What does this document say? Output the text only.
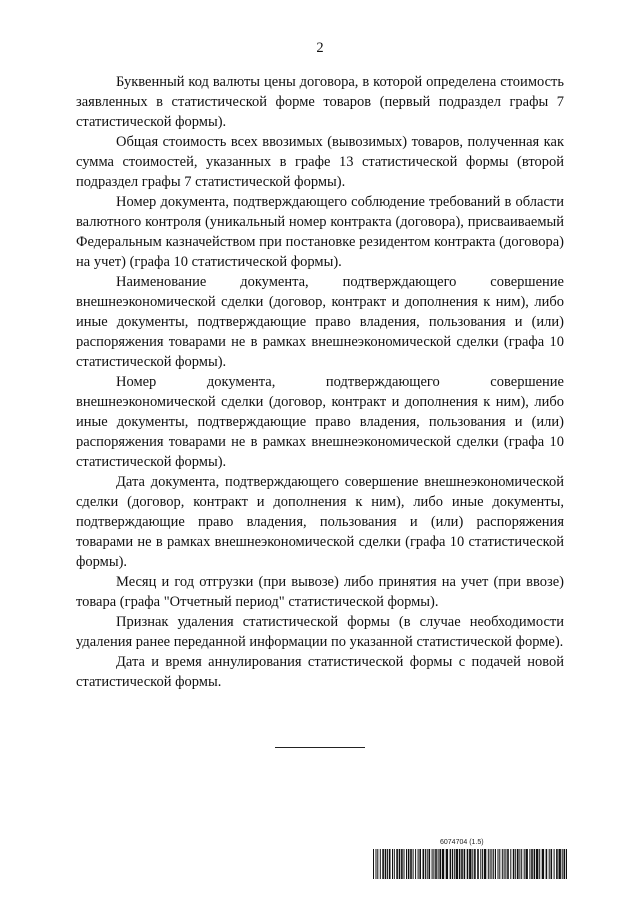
2

Буквенный код валюты цены договора, в которой определена стоимость заявленных в статистической форме товаров (первый подраздел графы 7 статистической формы).

Общая стоимость всех ввозимых (вывозимых) товаров, полученная как сумма стоимостей, указанных в графе 13 статистической формы (второй подраздел графы 7 статистической формы).

Номер документа, подтверждающего соблюдение требований в области валютного контроля (уникальный номер контракта (договора), присваиваемый Федеральным казначейством при постановке резидентом контракта (договора) на учет) (графа 10 статистической формы).

Наименование документа, подтверждающего совершение внешнеэкономической сделки (договор, контракт и дополнения к ним), либо иные документы, подтверждающие право владения, пользования и (или) распоряжения товарами не в рамках внешнеэкономической сделки (графа 10 статистической формы).

Номер документа, подтверждающего совершение внешнеэкономической сделки (договор, контракт и дополнения к ним), либо иные документы, подтверждающие право владения, пользования и (или) распоряжения товарами не в рамках внешнеэкономической сделки (графа 10 статистической формы).

Дата документа, подтверждающего совершение внешнеэкономической сделки (договор, контракт и дополнения к ним), либо иные документы, подтверждающие право владения, пользования и (или) распоряжения товарами не в рамках внешнеэкономической сделки (графа 10 статистической формы).

Месяц и год отгрузки (при вывозе) либо принятия на учет (при ввозе) товара (графа "Отчетный период" статистической формы).

Признак удаления статистической формы (в случае необходимости удаления ранее переданной информации по указанной статистической форме).

Дата и время аннулирования статистической формы с подачей новой статистической формы.

6074704 (1.5)
